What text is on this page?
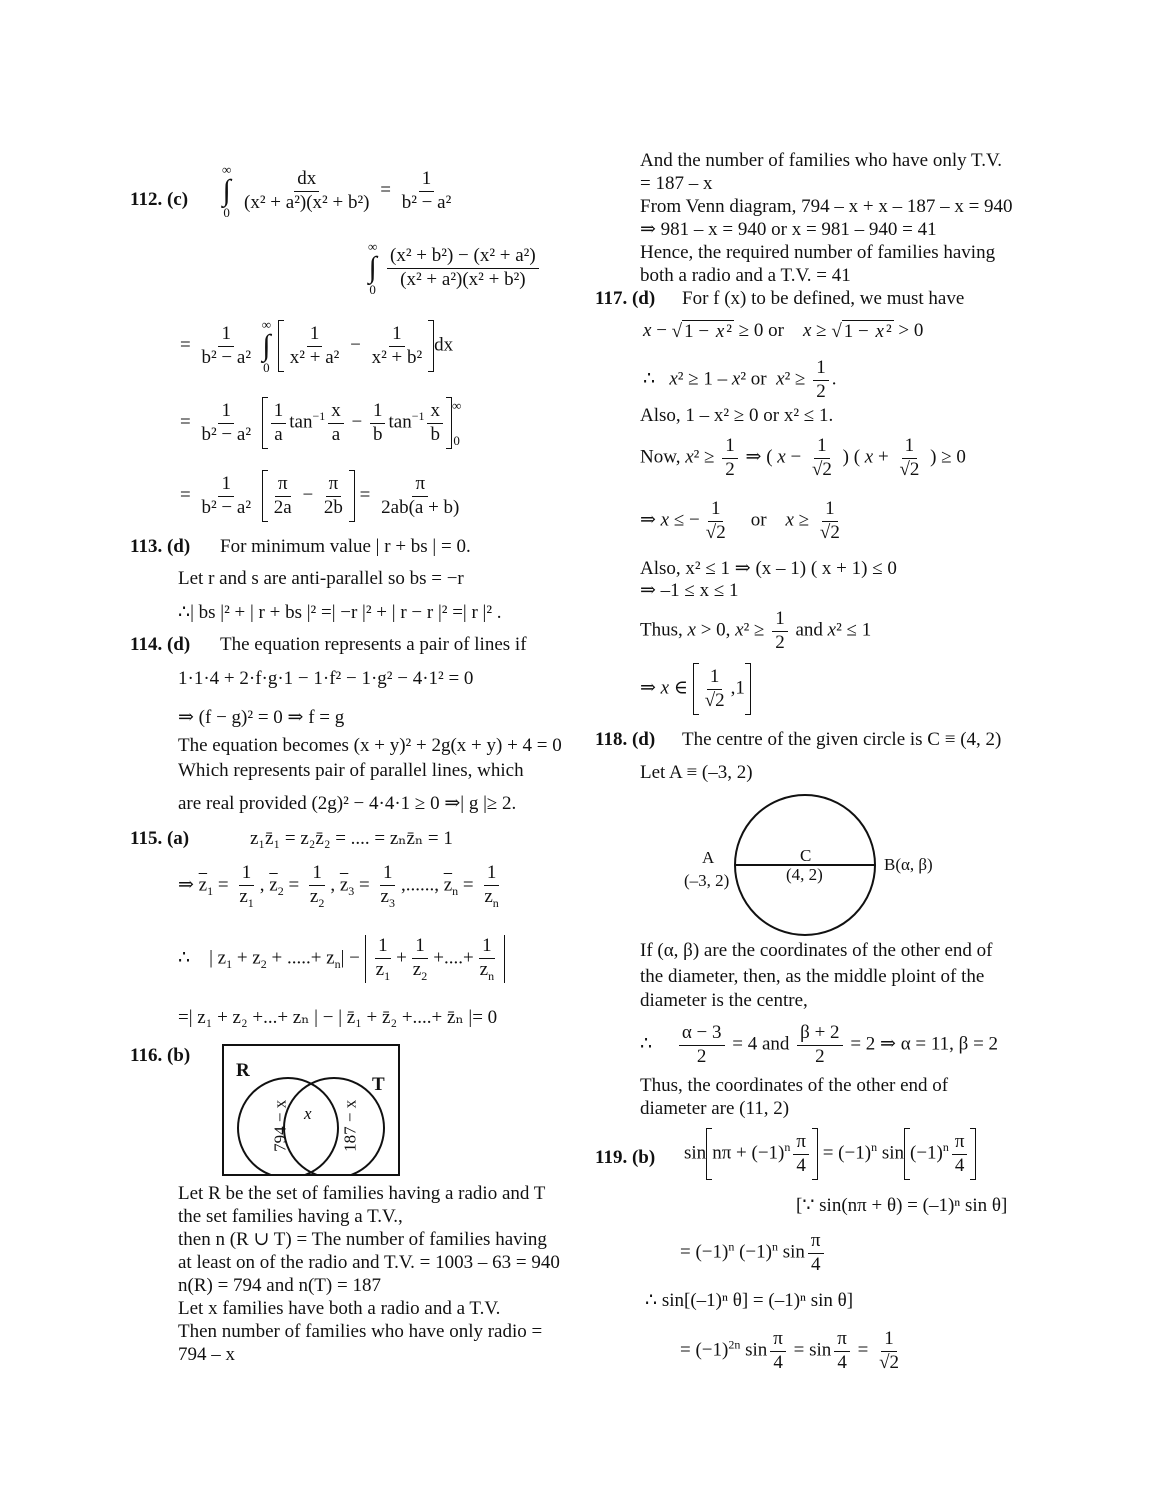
112. (c)
∞
∫
0
$\frac{dx}{\text{(x² + a²)(x² + b²)}} = \frac{1}{\text{b² − a²}}$
∞
∫
0
$\frac{\text{(x² + b²) − (x² + a²)}}{\text{(x² + a²)(x² + b²)}}$
= $\frac{1}{\text{b² − a²}}$
∞
∫
0
$\frac{1}{\text{x² + a²}} - \frac{1}{\text{x² + b²}}$ dx
= $\frac{1}{\text{b² − a²}}$
$\frac{1}{a} \tan^{-1} \frac{x}{a} - \frac{1}{b} \tan^{-1} \frac{x}{b}$ ∞
0
= $\frac{1}{\text{b² − a²}}$
$\frac{\pi}{2a} - \frac{\pi}{2b} = \frac{\pi}{2ab(a + b)}$
113. (d) For minimum value | r + bs | = 0.
Let r and s are anti-parallel so bs = −r
∴| bs |² + | r + bs |² =| −r |² + | r − r |² =| r |² .
114. (d) The equation represents a pair of lines if
1·1·4 + 2·f·g·1 − 1·f² − 1·g² − 4·1² = 0
⇒ (f − g)² = 0 ⇒ f = g
The equation becomes (x + y)² + 2g(x + y) + 4 = 0
Which represents pair of parallel lines, which
are real provided (2g)² − 4·4·1 ≥ 0 ⇒| g |≥ 2.
115. (a)	z₁z̄₁ = z₂z̄₂ = .... = zₙz̄ₙ = 1
⇒ $\overline{z}_1 = \frac{1}{z_1}$ , $\overline{z}_2 = \frac{1}{z_2}$ , $\overline{z}_3 = \frac{1}{z_3}$ ,......, $\overline{z}_n = \frac{1}{z_n}$
∴    | $z_1 + z_2$ + .....+ $z_n| - \frac{1}{z_1} + \frac{1}{z_2}$ +....+ $\frac{1}{z_n}$
=| z₁ + z₂ +...+ zₙ | − | z̄₁ + z̄₂ +....+ z̄ₙ |= 0
116. (b)
R
T
794 − x x 187 − x
Let R be the set of families having a radio and T
the set families having a T.V.,
then n (R ∪ T) = The number of families having
at least on of the radio and T.V. = 1003 – 63 = 940
n(R) = 794 and n(T) = 187
Let x families have both a radio and a T.V.
Then number of families who have only radio =
794 – x
And the number of families who have only T.V.
= 187 – x
From Venn diagram, 794 – x + x – 187 – x = 940
⇒ 981 – x = 940 or x = 981 – 940 = 41
Hence, the required number of families having
both a radio and a T.V. = 41
117. (d) For f (x) to be defined, we must have
x − √ 1 − x ² ≥ 0 or    x ≥ √ 1 − x ² > 0
∴   x² ≥ 1 – x² or  $x^2 \ge \frac{1}{2}$ .
Also, 1 – x² ≥ 0 or x² ≤ 1.
Now, $x^2 \ge \frac{1}{2}$ ⇒ ( $x - \frac{1}{√2}$ ) ( $x + \frac{1}{√2}$ ) ≥ 0
⇒ x ≤ − $\frac{1}{√2}$ or    $x \ge \frac{1}{√2}$
Also, x² ≤ 1 ⇒ (x – 1) ( x + 1) ≤ 0
⇒ –1 ≤ x ≤ 1
Thus, x > 0, $x^2 \ge \frac{1}{2}$ and x² ≤ 1
⇒ x ∈ $\frac{1}{√2} ,1$
118. (d) The centre of the given circle is C ≡ (4, 2)
Let A ≡ (–3, 2)
A
(–3, 2)
C
(4, 2)
B(α, β)
If (α, β) are the coordinates of the other end of
the diameter, then, as the middle ploint of the
diameter is the centre,
∴ $\frac{\alpha - 3}{2} = 4$ and $\frac{\beta + 2}{2} = 2$ ⇒ α = 11, β = 2
Thus, the coordinates of the other end of
diameter are (11, 2)
119. (b) $\sin n\pi + (-1)^n \frac{\pi}{4} = (-1)^n$ $\sin (-1)^n \frac{\pi}{4}$
[∵ sin(nπ + θ) = (–1)ⁿ sin θ]
= $(-1)^n$ $(-1)^n$ $\sin \frac{\pi}{4}$
∴ sin[(–1)ⁿ θ] = (–1)ⁿ sin θ]
= $(-1)^{2n}$ $\sin \frac{\pi}{4} = \sin \frac{\pi}{4} = \frac{1}{√2}$
